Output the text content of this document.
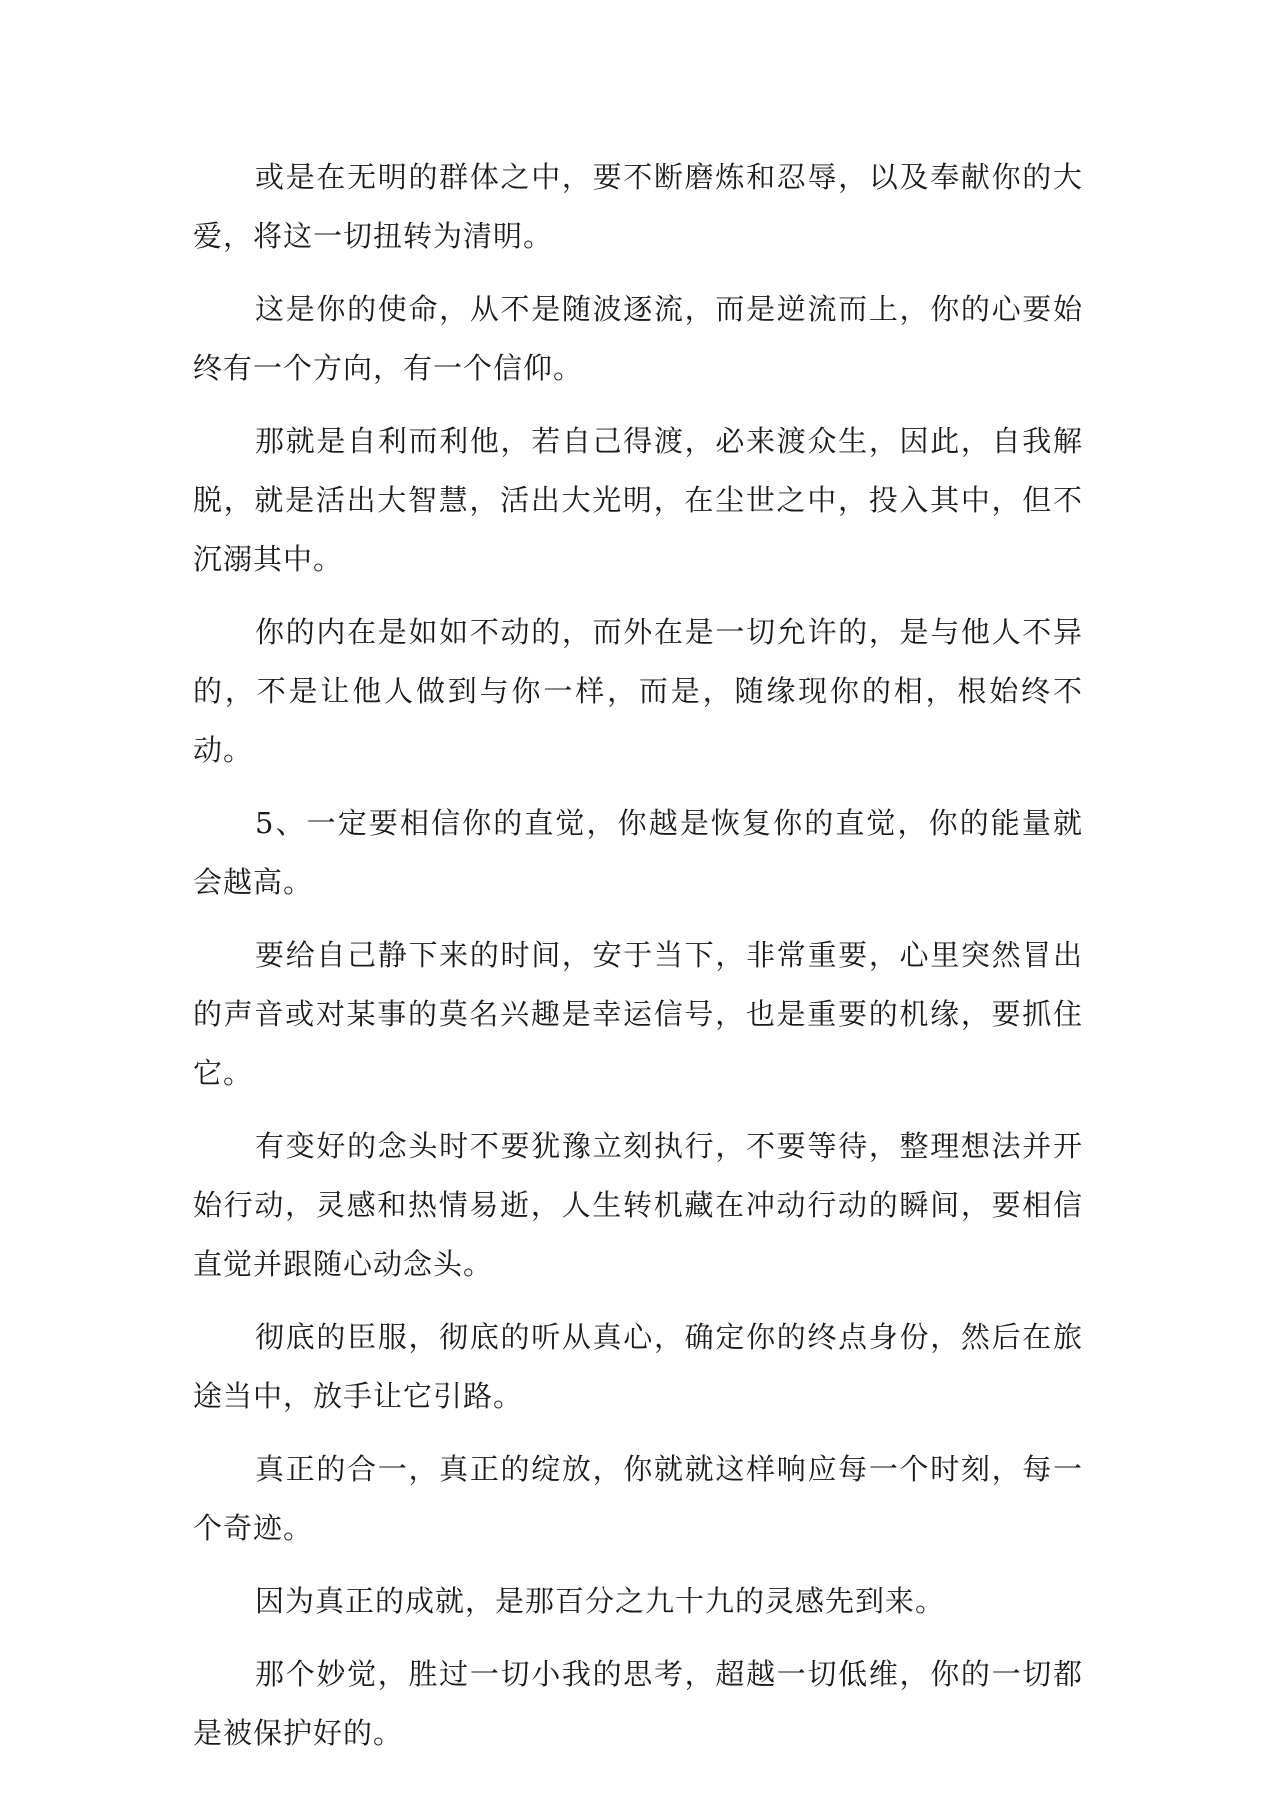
或是在无明的群体之中，要不断磨炼和忍辱，以及奉献你的大爱，将这一切扭转为清明。

这是你的使命，从不是随波逐流，而是逆流而上，你的心要始终有一个方向，有一个信仰。

那就是自利而利他，若自己得渡，必来渡众生，因此，自我解脱，就是活出大智慧，活出大光明，在尘世之中，投入其中，但不沉溺其中。

你的内在是如如不动的，而外在是一切允许的，是与他人不异的，不是让他人做到与你一样，而是，随缘现你的相，根始终不动。

5、一定要相信你的直觉，你越是恢复你的直觉，你的能量就会越高。

要给自己静下来的时间，安于当下，非常重要，心里突然冒出的声音或对某事的莫名兴趣是幸运信号，也是重要的机缘，要抓住它。

有变好的念头时不要犹豫立刻执行，不要等待，整理想法并开始行动，灵感和热情易逝，人生转机藏在冲动行动的瞬间，要相信直觉并跟随心动念头。

彻底的臣服，彻底的听从真心，确定你的终点身份，然后在旅途当中，放手让它引路。

真正的合一，真正的绽放，你就就这样响应每一个时刻，每一个奇迹。

因为真正的成就，是那百分之九十九的灵感先到来。

那个妙觉，胜过一切小我的思考，超越一切低维，你的一切都是被保护好的。
